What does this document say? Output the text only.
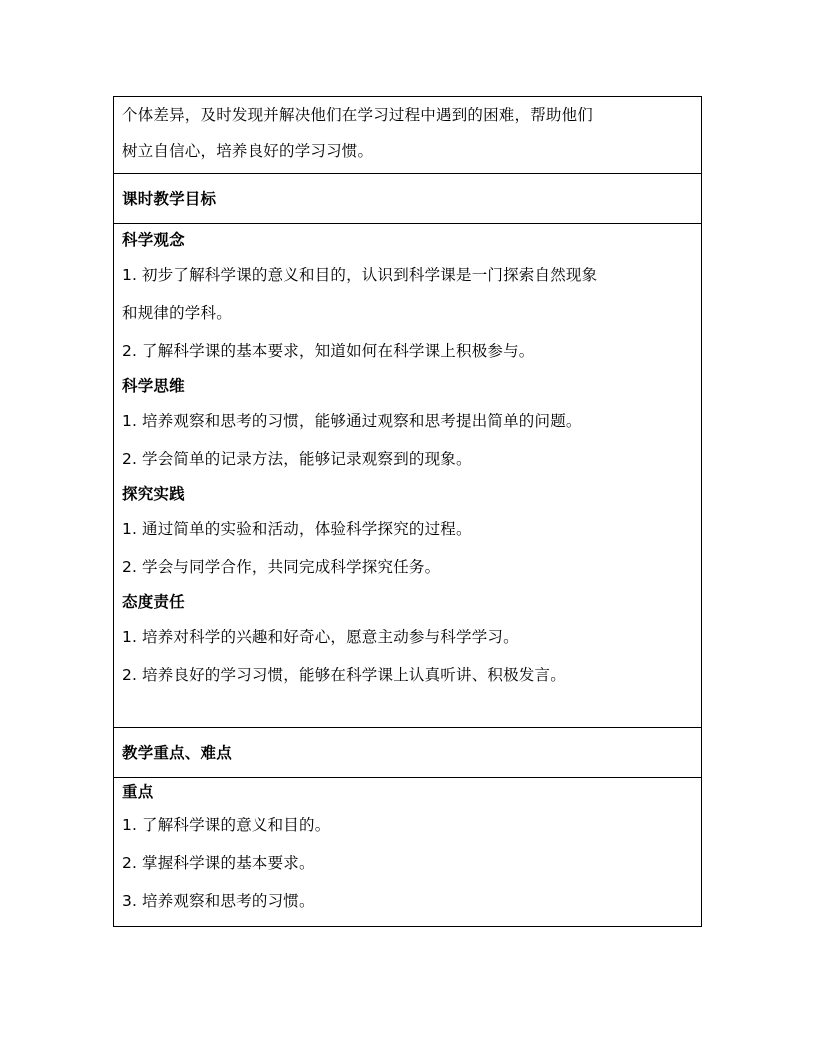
个体差异，及时发现并解决他们在学习过程中遇到的困难，帮助他们
树立自信心，培养良好的学习习惯。
课时教学目标
科学观念
1. 初步了解科学课的意义和目的，认识到科学课是一门探索自然现象
和规律的学科。
2. 了解科学课的基本要求，知道如何在科学课上积极参与。
科学思维
1. 培养观察和思考的习惯，能够通过观察和思考提出简单的问题。
2. 学会简单的记录方法，能够记录观察到的现象。
探究实践
1. 通过简单的实验和活动，体验科学探究的过程。
2. 学会与同学合作，共同完成科学探究任务。
态度责任
1. 培养对科学的兴趣和好奇心，愿意主动参与科学学习。
2. 培养良好的学习习惯，能够在科学课上认真听讲、积极发言。
教学重点、难点
重点
1. 了解科学课的意义和目的。
2. 掌握科学课的基本要求。
3. 培养观察和思考的习惯。
